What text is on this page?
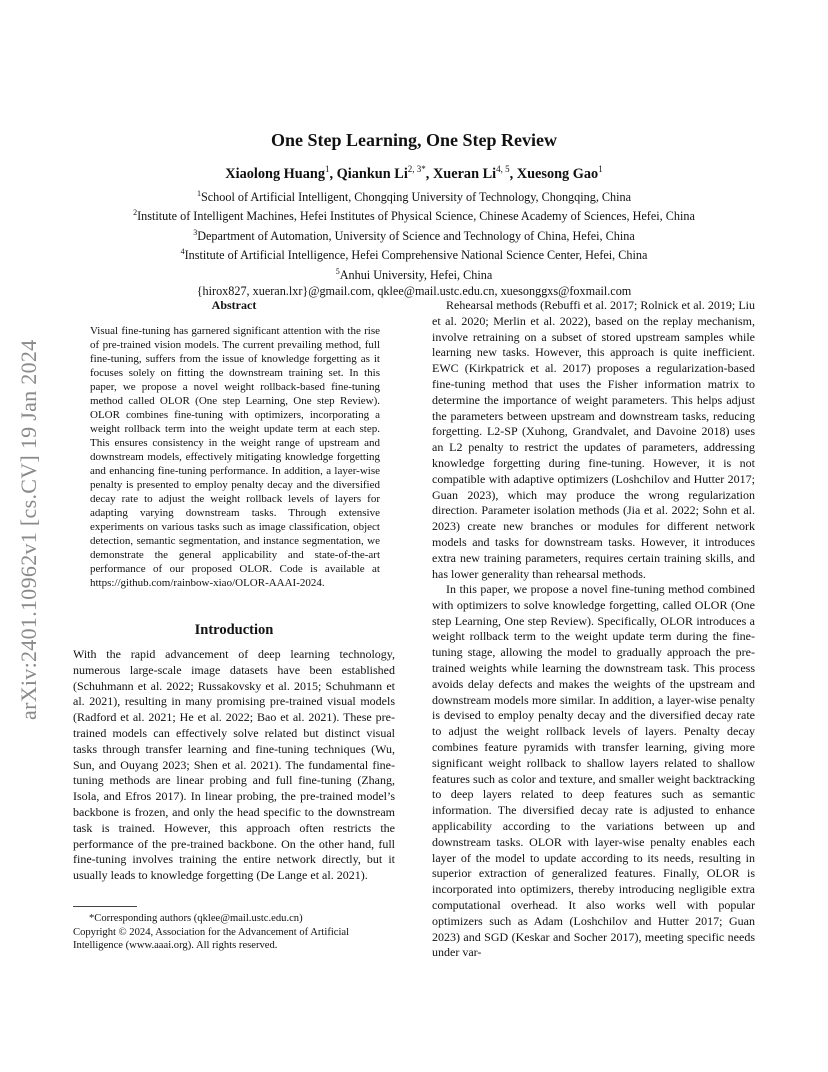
arXiv:2401.10962v1 [cs.CV] 19 Jan 2024
One Step Learning, One Step Review
Xiaolong Huang$^1$, Qiankun $Li^{2, 3*}$, Xueran Li$^{4, 5}$, Xuesong Gao$^1$
$^1$School of Artificial Intelligent, Chongqing University of Technology, Chongqing, China
$^2$Institute of Intelligent Machines, Hefei Institutes of Physical Science, Chinese Academy of Sciences, Hefei, China
$^3$Department of Automation, University of Science and Technology of China, Hefei, China
$^4$Institute of Artificial Intelligence, Hefei Comprehensive National Science Center, Hefei, China
$^5$Anhui University, Hefei, China
{hirox827, xueran.lxr}@gmail.com, qklee@mail.ustc.edu.cn, xuesonggxs@foxmail.com
Abstract
Visual fine-tuning has garnered significant attention with the rise of pre-trained vision models. The current prevailing method, full fine-tuning, suffers from the issue of knowledge forgetting as it focuses solely on fitting the downstream training set. In this paper, we propose a novel weight rollback-based fine-tuning method called OLOR (One step Learning, One step Review). OLOR combines fine-tuning with optimizers, incorporating a weight rollback term into the weight update term at each step. This ensures consistency in the weight range of upstream and downstream models, effectively mitigating knowledge forgetting and enhancing fine-tuning performance. In addition, a layer-wise penalty is presented to employ penalty decay and the diversified decay rate to adjust the weight rollback levels of layers for adapting varying downstream tasks. Through extensive experiments on various tasks such as image classification, object detection, semantic segmentation, and instance segmentation, we demonstrate the general applicability and state-of-the-art performance of our proposed OLOR. Code is available at https://github.com/rainbow-xiao/OLOR-AAAI-2024.
Introduction

With the rapid advancement of deep learning technology, numerous large-scale image datasets have been established (Schuhmann et al. 2022; Russakovsky et al. 2015; Schuhmann et al. 2021), resulting in many promising pre-trained visual models (Radford et al. 2021; He et al. 2022; Bao et al. 2021). These pre-trained models can effectively solve related but distinct visual tasks through transfer learning and fine-tuning techniques (Wu, Sun, and Ouyang 2023; Shen et al. 2021). The fundamental fine-tuning methods are linear probing and full fine-tuning (Zhang, Isola, and Efros 2017). In linear probing, the pre-trained model’s backbone is frozen, and only the head specific to the downstream task is trained. However, this approach often restricts the performance of the pre-trained backbone. On the other hand, full fine-tuning involves training the entire network directly, but it usually leads to knowledge forgetting (De Lange et al. 2021).

*Corresponding authors (qklee@mail.ustc.edu.cn)
Copyright © 2024, Association for the Advancement of Artificial Intelligence (www.aaai.org). All rights reserved.

Rehearsal methods (Rebuffi et al. 2017; Rolnick et al. 2019; Liu et al. 2020; Merlin et al. 2022), based on the replay mechanism, involve retraining on a subset of stored upstream samples while learning new tasks. However, this approach is quite inefficient. EWC (Kirkpatrick et al. 2017) proposes a regularization-based fine-tuning method that uses the Fisher information matrix to determine the importance of weight parameters. This helps adjust the parameters between upstream and downstream tasks, reducing forgetting. L2-SP (Xuhong, Grandvalet, and Davoine 2018) uses an L2 penalty to restrict the updates of parameters, addressing knowledge forgetting during fine-tuning. However, it is not compatible with adaptive optimizers (Loshchilov and Hutter 2017; Guan 2023), which may produce the wrong regularization direction. Parameter isolation methods (Jia et al. 2022; Sohn et al. 2023) create new branches or modules for different network models and tasks for downstream tasks. However, it introduces extra new training parameters, requires certain training skills, and has lower generality than rehearsal methods.

In this paper, we propose a novel fine-tuning method combined with optimizers to solve knowledge forgetting, called OLOR (One step Learning, One step Review). Specifically, OLOR introduces a weight rollback term to the weight update term during the fine-tuning stage, allowing the model to gradually approach the pre-trained weights while learning the downstream task. This process avoids delay defects and makes the weights of the upstream and downstream models more similar. In addition, a layer-wise penalty is devised to employ penalty decay and the diversified decay rate to adjust the weight rollback levels of layers. Penalty decay combines feature pyramids with transfer learning, giving more significant weight rollback to shallow layers related to shallow features such as color and texture, and smaller weight backtracking to deep layers related to deep features such as semantic information. The diversified decay rate is adjusted to enhance applicability according to the variations between up and downstream tasks. OLOR with layer-wise penalty enables each layer of the model to update according to its needs, resulting in superior extraction of generalized features. Finally, OLOR is incorporated into optimizers, thereby introducing negligible extra computational overhead. It also works well with popular optimizers such as Adam (Loshchilov and Hutter 2017; Guan 2023) and SGD (Keskar and Socher 2017), meeting specific needs under var-
